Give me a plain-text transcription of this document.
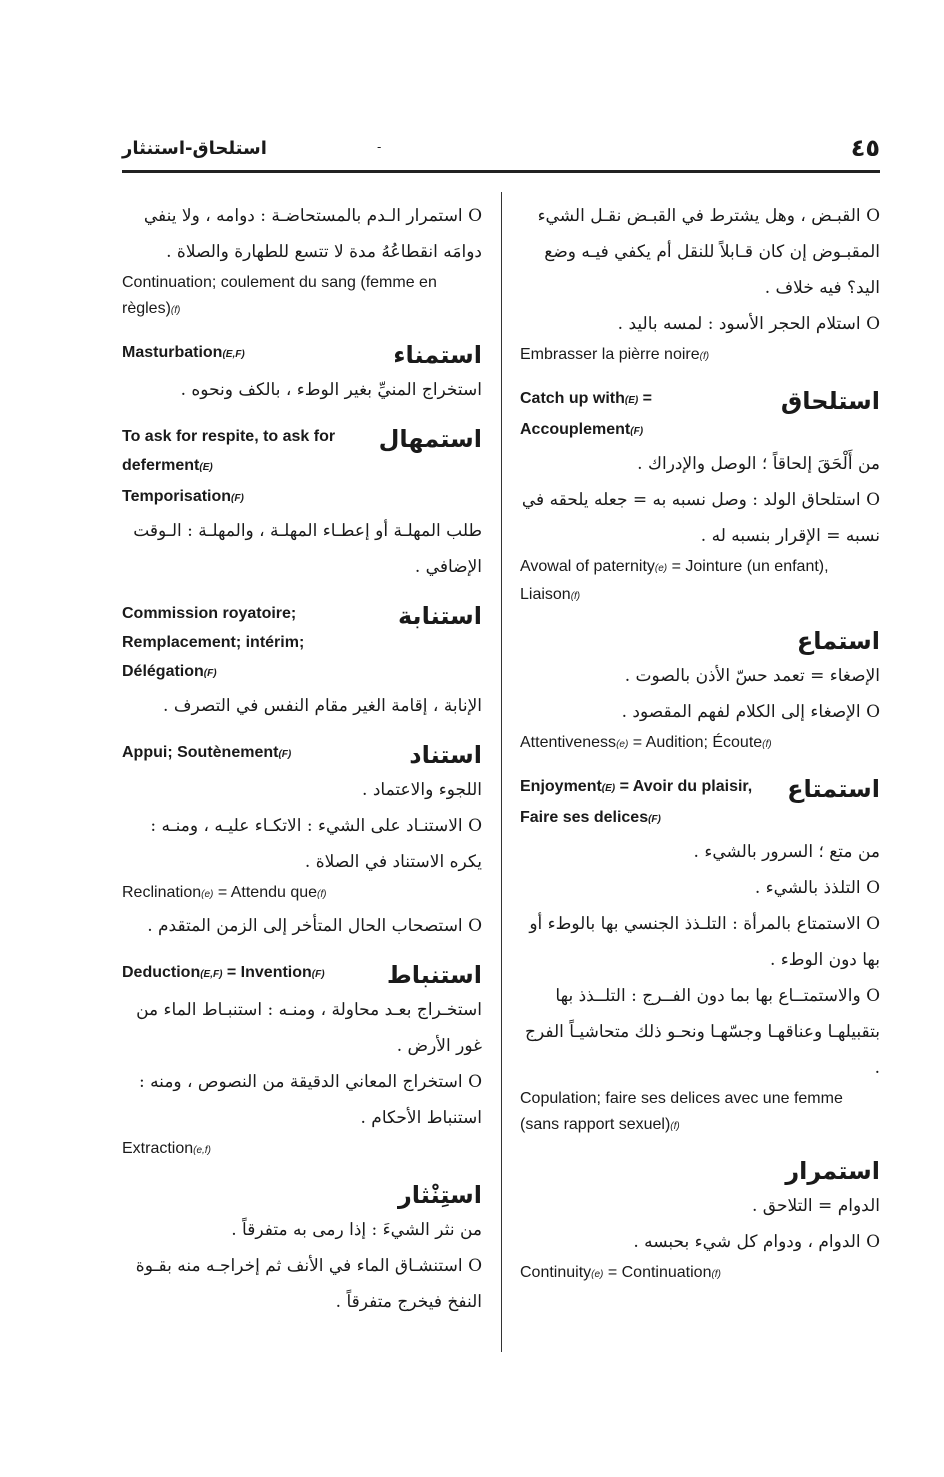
استلحاق-استنثار	-	٤٥
O استمرار الـدم بالمستحاضـة : دوامه ، ولا ينفي دوامَه انقطاعُهُ مدة لا تتسع للطهارة والصلاة .
Continuation; coulement du sang (femme en règles)(f)
استمناء
Masturbation(E,F)
استخراج المنيِّ بغير الوطء ، بالكف ونحوه .
استمهال
To ask for respite, to ask for deferment(E)
Temporisation(F)
طلب المهلـة أو إعطـاء المهلـة ، والمهلـة : الـوقت الإضافي .
استنابة
Commission royatoire; Remplacement; intérim; Délégation(F)
الإنابة ، إقامة الغير مقام النفس في التصرف .
استناد
Appui; Soutènement(F)
اللجوء والاعتماد .
O الاستنـاد على الشيء : الاتكـاء عليـه ، ومنـه : يكره الاستناد في الصلاة .
Reclination(e) = Attendu que(f)
O استصحاب الحال المتأخر إلى الزمن المتقدم .
استنباط
Deduction(E,F) = Invention(F)
استخـراج بعـد محاولة ، ومنـه : استنبـاط الماء من غور الأرض .
O استخراج المعاني الدقيقة من النصوص ، ومنه : استنباط الأحكام .
Extraction(e,f)
استِنْثار
من نثر الشيءَ : إذا رمى به متفرقاً .
O استنشـاق الماء في الأنف ثم إخراجـه منه بقـوة النفخ فيخرج متفرقاً .
O القبـض ، وهل يشترط في القبـض نقـل الشيء المقبـوض إن كان قـابلاً للنقل أم يكفي فيـه وضع اليد؟ فيه خلاف .
O استلام الحجر الأسود : لمسه باليد .
Embrasser la pièrre noire(f)
استلحاق
Catch up with(E) = Accouplement(F)
من أَلْحَقَ إلحاقاً ؛ الوصل والإدراك .
O استلحاق الولد : وصل نسبه به = جعله يلحقه في نسبه = الإقرار بنسبه له .
Avowal of paternity(e) = Jointure (un enfant), Liaison(f)
استماع
الإصغاء = تعمد حسّ الأذن بالصوت .
O الإصغاء إلى الكلام لفهم المقصود .
Attentiveness(e) = Audition; Écoute(f)
استمتاع
Enjoyment(E) = Avoir du plaisir, Faire ses delices(F)
من متع ؛ السرور بالشيء .
O التلذذ بالشيء .
O الاستمتاع بالمرأة : التلـذذ الجنسي بها بالوطء أو بها دون الوطء .
O والاستمتــاع بها بما دون الفــرج : التلــذذ بها بتقبيلهـا وعناقهـا وجسّهـا ونحـو ذلك متحاشيـاً الفرج .
Copulation; faire ses delices avec une femme (sans rapport sexuel)(f)
استمرار
الدوام = التلاحق .
O الدوام ، ودوام كل شيء بحبسه .
Continuity(e) = Continuation(f)
